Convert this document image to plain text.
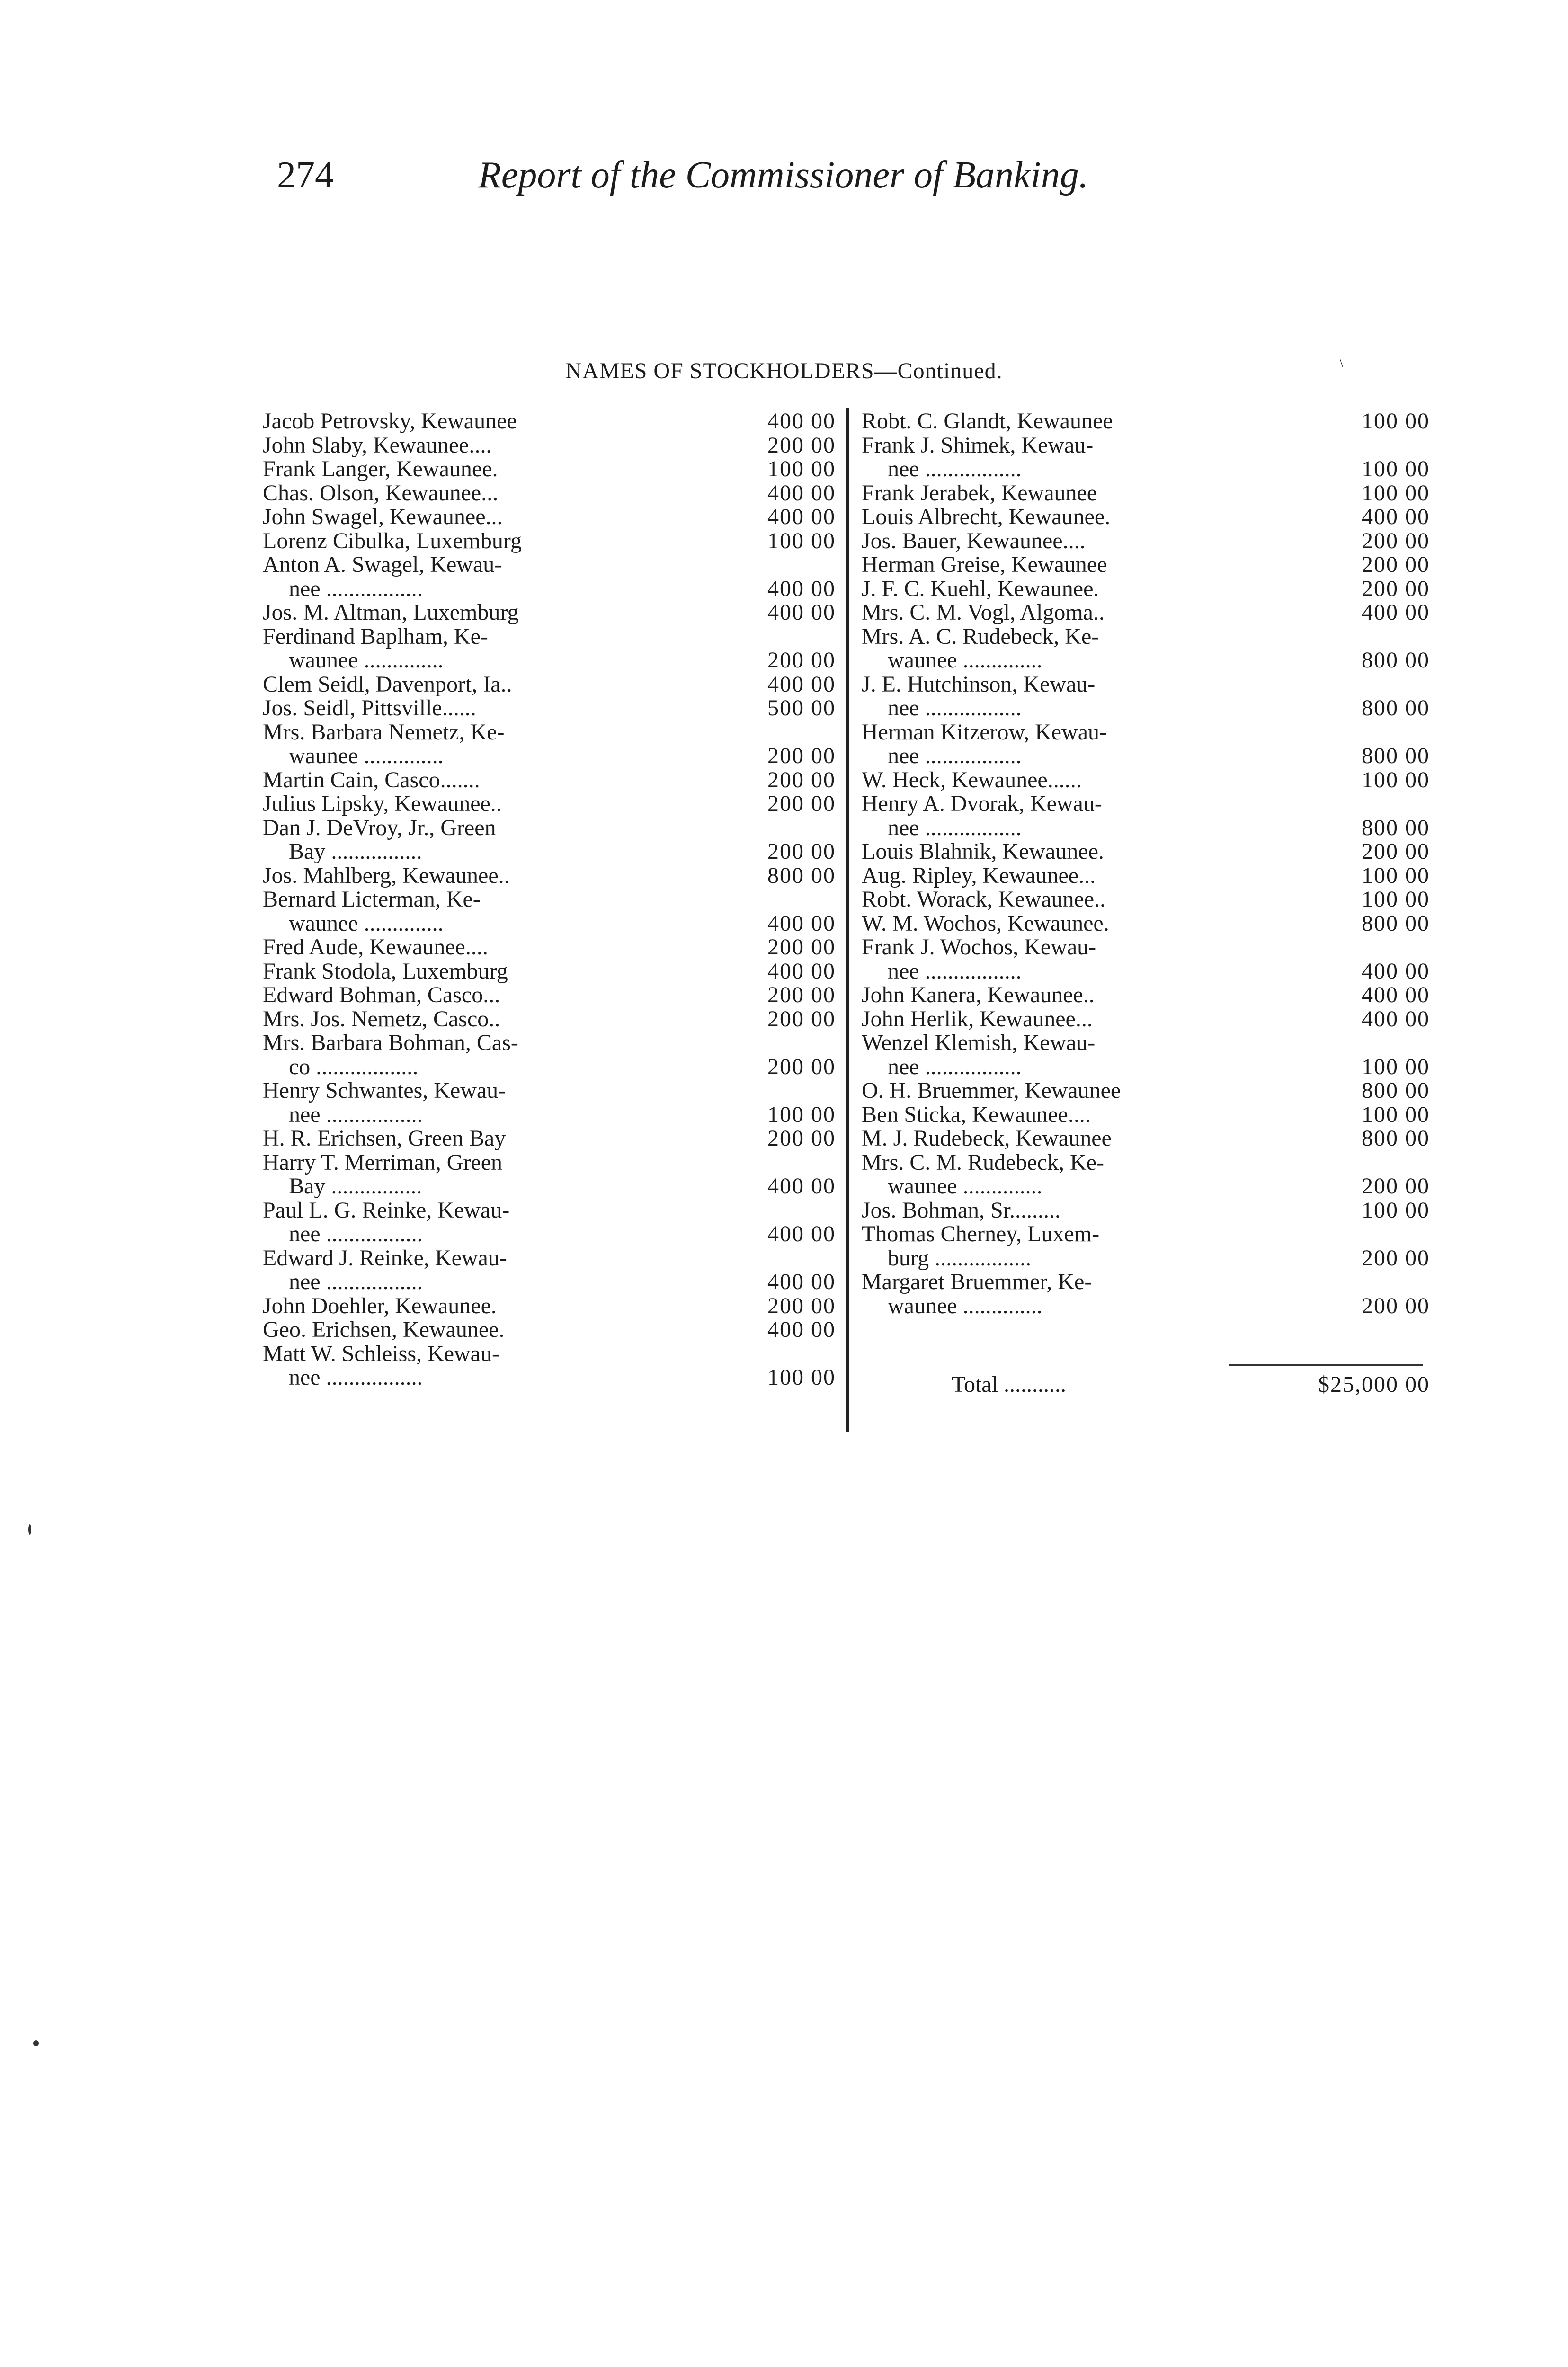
274	Report of the Commissioner of Banking.
NAMES OF STOCKHOLDERS—Continued.	\
Jacob Petrovsky, Kewaunee	400 00
John Slaby, Kewaunee....	200 00
Frank Langer, Kewaunee.	100 00
Chas. Olson, Kewaunee...	400 00
John Swagel, Kewaunee...	400 00
Lorenz Cibulka, Luxemburg	100 00
Anton A. Swagel, Kewau-
nee .................	400 00
Jos. M. Altman, Luxemburg	400 00
Ferdinand Baplham, Ke-
waunee ..............	200 00
Clem Seidl, Davenport, Ia..	400 00
Jos. Seidl, Pittsville......	500 00
Mrs. Barbara Nemetz, Ke-
waunee ..............	200 00
Martin Cain, Casco.......	200 00
Julius Lipsky, Kewaunee..	200 00
Dan J. DeVroy, Jr., Green
Bay ................	200 00
Jos. Mahlberg, Kewaunee..	800 00
Bernard Licterman, Ke-
waunee ..............	400 00
Fred Aude, Kewaunee....	200 00
Frank Stodola, Luxemburg	400 00
Edward Bohman, Casco...	200 00
Mrs. Jos. Nemetz, Casco..	200 00
Mrs. Barbara Bohman, Cas-
co ..................	200 00
Henry Schwantes, Kewau-
nee .................	100 00
H. R. Erichsen, Green Bay	200 00
Harry T. Merriman, Green
Bay ................	400 00
Paul L. G. Reinke, Kewau-
nee .................	400 00
Edward J. Reinke, Kewau-
nee .................	400 00
John Doehler, Kewaunee.	200 00
Geo. Erichsen, Kewaunee.	400 00
Matt W. Schleiss, Kewau-
nee .................	100 00
Robt. C. Glandt, Kewaunee	100 00
Frank J. Shimek, Kewau-
nee .................	100 00
Frank Jerabek, Kewaunee	100 00
Louis Albrecht, Kewaunee.	400 00
Jos. Bauer, Kewaunee....	200 00
Herman Greise, Kewaunee	200 00
J. F. C. Kuehl, Kewaunee.	200 00
Mrs. C. M. Vogl, Algoma..	400 00
Mrs. A. C. Rudebeck, Ke-
waunee ..............	800 00
J. E. Hutchinson, Kewau-
nee .................	800 00
Herman Kitzerow, Kewau-
nee .................	800 00
W. Heck, Kewaunee......	100 00
Henry A. Dvorak, Kewau-
nee .................	800 00
Louis Blahnik, Kewaunee.	200 00
Aug. Ripley, Kewaunee...	100 00
Robt. Worack, Kewaunee..	100 00
W. M. Wochos, Kewaunee.	800 00
Frank J. Wochos, Kewau-
nee .................	400 00
John Kanera, Kewaunee..	400 00
John Herlik, Kewaunee...	400 00
Wenzel Klemish, Kewau-
nee .................	100 00
O. H. Bruemmer, Kewaunee	800 00
Ben Sticka, Kewaunee....	100 00
M. J. Rudebeck, Kewaunee	800 00
Mrs. C. M. Rudebeck, Ke-
waunee ..............	200 00
Jos. Bohman, Sr.........	100 00
Thomas Cherney, Luxem-
burg .................	200 00
Margaret Bruemmer, Ke-
waunee ..............	200 00
Total ...........	$25,000 00
